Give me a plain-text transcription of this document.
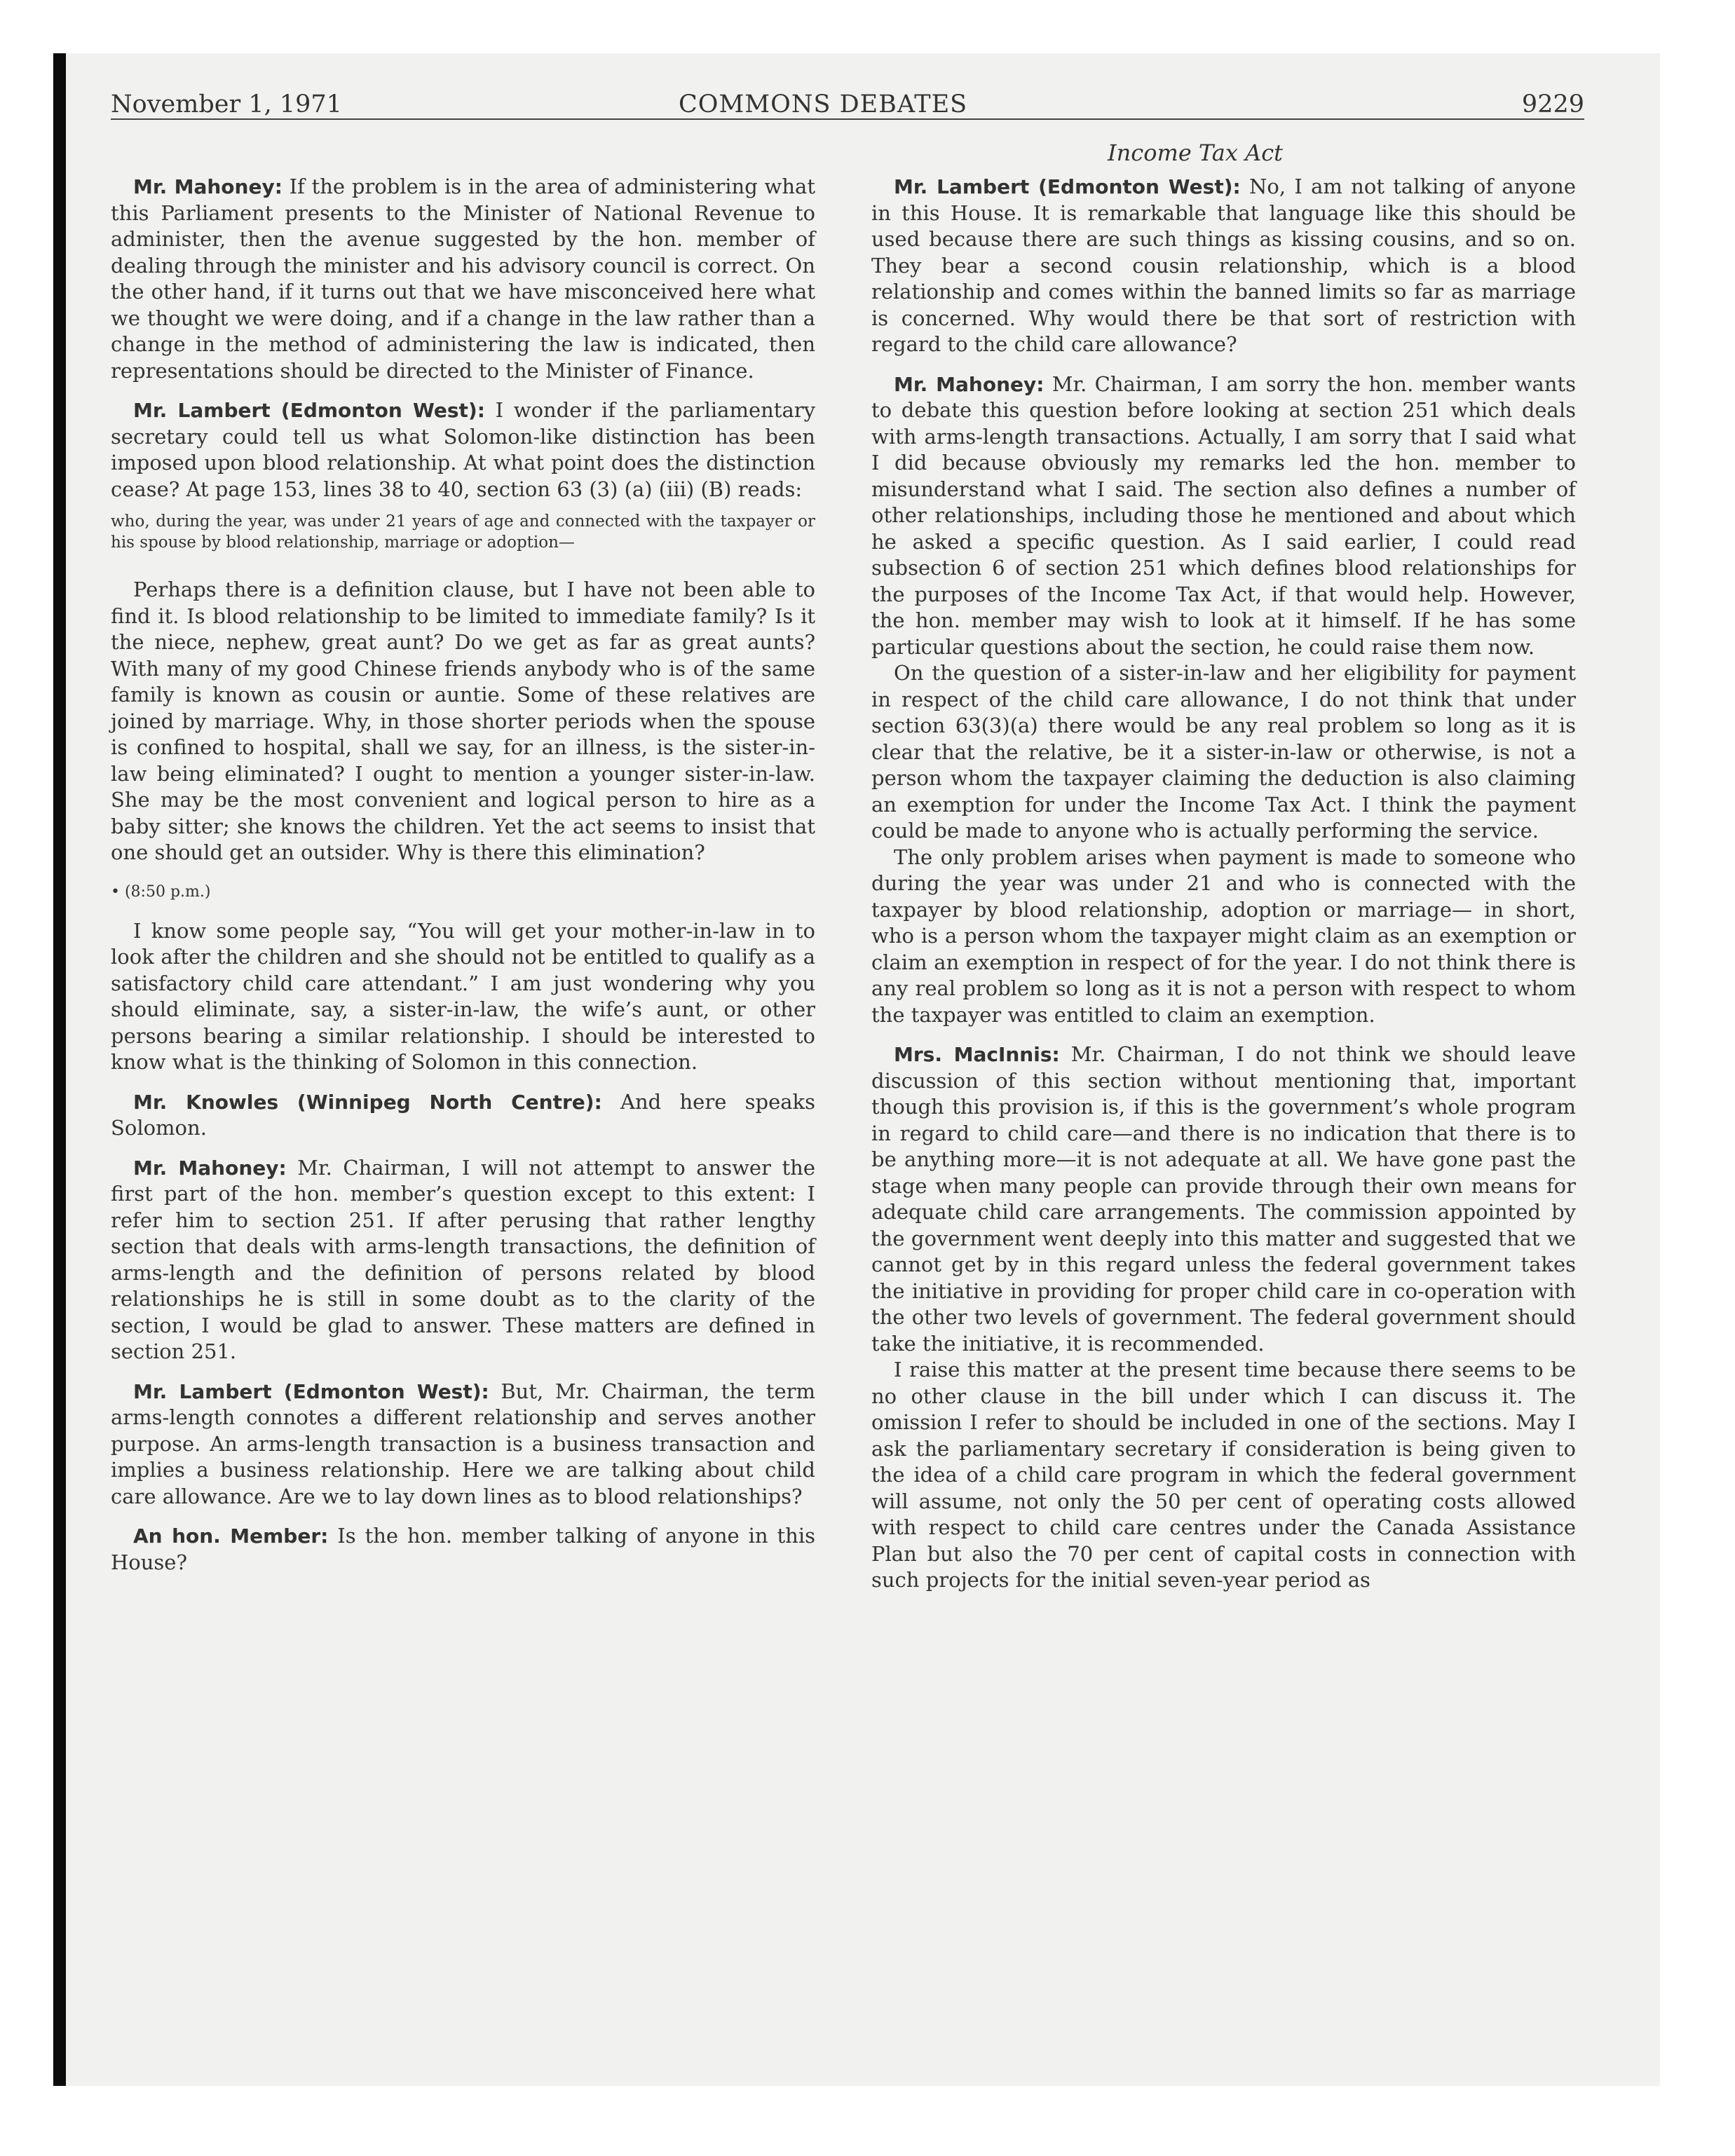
November 1, 1971	COMMONS DEBATES	9229
Income Tax Act

Mr. Mahoney: If the problem is in the area of administering what this Parliament presents to the Minister of National Revenue to administer, then the avenue suggested by the hon. member of dealing through the minister and his advisory council is correct. On the other hand, if it turns out that we have misconceived here what we thought we were doing, and if a change in the law rather than a change in the method of administering the law is indicated, then representations should be directed to the Minister of Finance.

Mr. Lambert (Edmonton West): I wonder if the parliamentary secretary could tell us what Solomon-like distinction has been imposed upon blood relationship. At what point does the distinction cease? At page 153, lines 38 to 40, section 63 (3) (a) (iii) (B) reads:

who, during the year, was under 21 years of age and connected with the taxpayer or his spouse by blood relationship, marriage or adoption—

Perhaps there is a definition clause, but I have not been able to find it. Is blood relationship to be limited to immediate family? Is it the niece, nephew, great aunt? Do we get as far as great aunts? With many of my good Chinese friends anybody who is of the same family is known as cousin or auntie. Some of these relatives are joined by marriage. Why, in those shorter periods when the spouse is confined to hospital, shall we say, for an illness, is the sister-in-law being eliminated? I ought to mention a younger sister-in-law. She may be the most convenient and logical person to hire as a baby sitter; she knows the children. Yet the act seems to insist that one should get an outsider. Why is there this elimination?

• (8:50 p.m.)

I know some people say, “You will get your mother-in-law in to look after the children and she should not be entitled to qualify as a satisfactory child care attendant.” I am just wondering why you should eliminate, say, a sister-in-law, the wife’s aunt, or other persons bearing a similar relationship. I should be interested to know what is the thinking of Solomon in this connection.

Mr. Knowles (Winnipeg North Centre): And here speaks Solomon.

Mr. Mahoney: Mr. Chairman, I will not attempt to answer the first part of the hon. member’s question except to this extent: I refer him to section 251. If after perusing that rather lengthy section that deals with arms-length transactions, the definition of arms-length and the definition of persons related by blood relationships he is still in some doubt as to the clarity of the section, I would be glad to answer. These matters are defined in section 251.

Mr. Lambert (Edmonton West): But, Mr. Chairman, the term arms-length connotes a different relationship and serves another purpose. An arms-length transaction is a business transaction and implies a business relationship. Here we are talking about child care allowance. Are we to lay down lines as to blood relationships?

An hon. Member: Is the hon. member talking of anyone in this House?

Mr. Lambert (Edmonton West): No, I am not talking of anyone in this House. It is remarkable that language like this should be used because there are such things as kissing cousins, and so on. They bear a second cousin relationship, which is a blood relationship and comes within the banned limits so far as marriage is concerned. Why would there be that sort of restriction with regard to the child care allowance?

Mr. Mahoney: Mr. Chairman, I am sorry the hon. member wants to debate this question before looking at section 251 which deals with arms-length transactions. Actually, I am sorry that I said what I did because obviously my remarks led the hon. member to misunderstand what I said. The section also defines a number of other relationships, including those he mentioned and about which he asked a specific question. As I said earlier, I could read subsection 6 of section 251 which defines blood relationships for the purposes of the Income Tax Act, if that would help. However, the hon. member may wish to look at it himself. If he has some particular questions about the section, he could raise them now.

On the question of a sister-in-law and her eligibility for payment in respect of the child care allowance, I do not think that under section 63(3)(a) there would be any real problem so long as it is clear that the relative, be it a sister-in-law or otherwise, is not a person whom the taxpayer claiming the deduction is also claiming an exemption for under the Income Tax Act. I think the payment could be made to anyone who is actually performing the service.

The only problem arises when payment is made to someone who during the year was under 21 and who is connected with the taxpayer by blood relationship, adoption or marriage— in short, who is a person whom the taxpayer might claim as an exemption or claim an exemption in respect of for the year. I do not think there is any real problem so long as it is not a person with respect to whom the taxpayer was entitled to claim an exemption.

Mrs. MacInnis: Mr. Chairman, I do not think we should leave discussion of this section without mentioning that, important though this provision is, if this is the government’s whole program in regard to child care—and there is no indication that there is to be anything more—it is not adequate at all. We have gone past the stage when many people can provide through their own means for adequate child care arrangements. The commission appointed by the government went deeply into this matter and suggested that we cannot get by in this regard unless the federal government takes the initiative in providing for proper child care in co-operation with the other two levels of government. The federal government should take the initiative, it is recommended.

I raise this matter at the present time because there seems to be no other clause in the bill under which I can discuss it. The omission I refer to should be included in one of the sections. May I ask the parliamentary secretary if consideration is being given to the idea of a child care program in which the federal government will assume, not only the 50 per cent of operating costs allowed with respect to child care centres under the Canada Assistance Plan but also the 70 per cent of capital costs in connection with such projects for the initial seven-year period as
